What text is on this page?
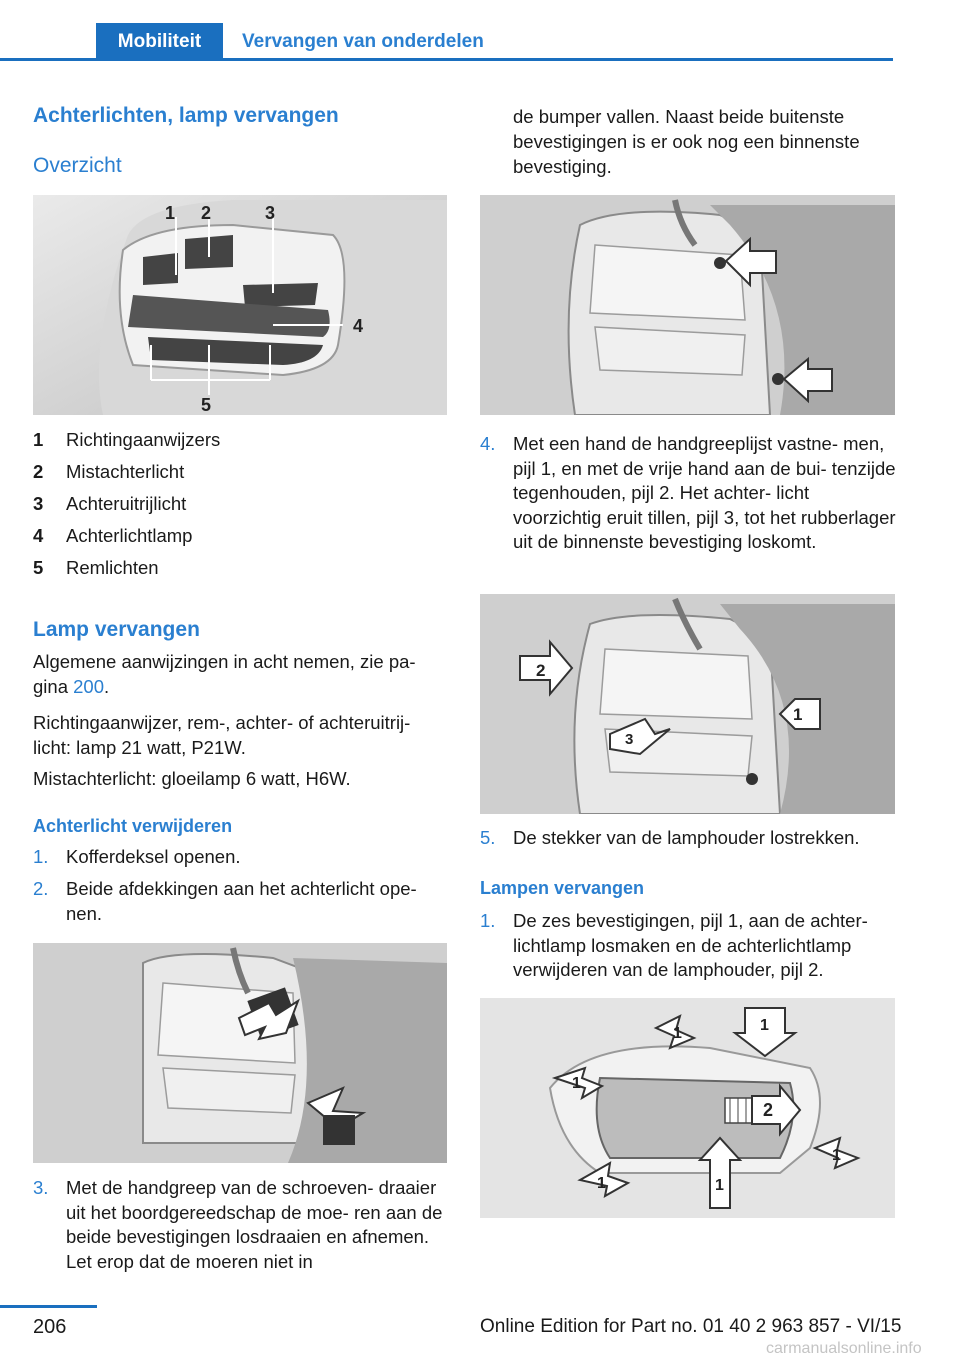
Mobiliteit	Vervangen van onderdelen
Achterlichten, lamp vervangen
Overzicht
1 2	3
4
5
1	Richtingaanwijzers
2	Mistachterlicht
3	Achteruitrijlicht
4	Achterlichtlamp
5	Remlichten
Lamp vervangen
Algemene aanwijzingen in acht nemen, zie pa‐ gina 200.
Richtingaanwijzer, rem-, achter- of achteruitrij‐ licht: lamp 21 watt, P21W.
Mistachterlicht: gloeilamp 6 watt, H6W.
Achterlicht verwijderen
1. Kofferdeksel openen.
2. Beide afdekkingen aan het achterlicht ope‐ nen.
3. Met de handgreep van de schroeven‐ draaier uit het boordgereedschap de moe‐ ren aan de beide bevestigingen losdraaien en afnemen. Let erop dat de moeren niet in
de bumper vallen. Naast beide buitenste bevestigingen is er ook nog een binnenste bevestiging.
4. Met een hand de handgreeplijst vastne‐ men, pijl 1, en met de vrije hand aan de bui‐ tenzijde tegenhouden, pijl 2. Het achter‐ licht voorzichtig eruit tillen, pijl 3, tot het rubberlager uit de binnenste bevestiging loskomt.
2
1
3
5. De stekker van de lamphouder lostrekken.
Lampen vervangen
1. De zes bevestigingen, pijl 1, aan de achter‐ lichtlamp losmaken en de achterlichtlamp verwijderen van de lamphouder, pijl 2.
1	1
1
2
1
1	1
206	Online Edition for Part no. 01 40 2 963 857 - VI/15
carmanualsonline.info
